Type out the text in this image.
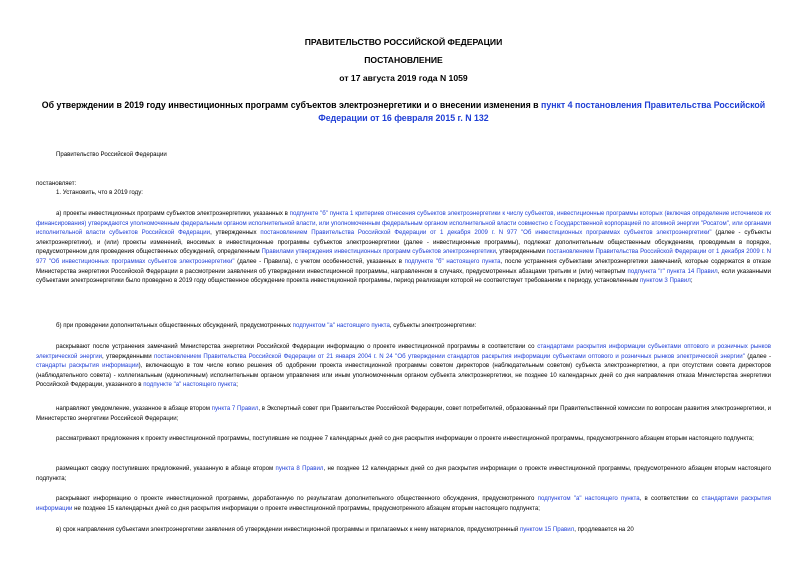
ПРАВИТЕЛЬСТВО РОССИЙСКОЙ ФЕДЕРАЦИИ
ПОСТАНОВЛЕНИЕ
от 17 августа 2019 года N 1059
Об утверждении в 2019 году инвестиционных программ субъектов электроэнергетики и о внесении изменения в пункт 4 постановления Правительства Российской Федерации от 16 февраля 2015 г. N 132
Правительство Российской Федерации
постановляет:
1. Установить, что в 2019 году:
а) проекты инвестиционных программ субъектов электроэнергетики, указанных в подпункте "б" пункта 1 критериев отнесения субъектов электроэнергетики к числу субъектов, инвестиционные программы которых (включая определение источников их финансирования) утверждаются уполномоченным федеральным органом исполнительной власти, или уполномоченным федеральным органом исполнительной власти совместно с Государственной корпорацией по атомной энергии "Росатом", или органами исполнительной власти субъектов Российской Федерации, утвержденных постановлением Правительства Российской Федерации от 1 декабря 2009 г. N 977 "Об инвестиционных программах субъектов электроэнергетики" (далее - субъекты электроэнергетики), и (или) проекты изменений, вносимых в инвестиционные программы субъектов электроэнергетики (далее - инвестиционные программы), подлежат дополнительным общественным обсуждениям, проводимым в порядке, предусмотренном для проведения общественных обсуждений, определенным Правилами утверждения инвестиционных программ субъектов электроэнергетики, утвержденными постановлением Правительства Российской Федерации от 1 декабря 2009 г. N 977 "Об инвестиционных программах субъектов электроэнергетики" (далее - Правила), с учетом особенностей, указанных в подпункте "б" настоящего пункта, после устранения субъектами электроэнергетики замечаний, которые содержатся в отказе Министерства энергетики Российской Федерации в рассмотрении заявления об утверждении инвестиционной программы, направленном в случаях, предусмотренных абзацами третьим и (или) четвертым подпункта "г" пункта 14 Правил, если указанными субъектами электроэнергетики было проведено в 2019 году общественное обсуждение проекта инвестиционной программы, период реализации которой не соответствует требованиям к периоду, установленным пунктом 3 Правил;
б) при проведении дополнительных общественных обсуждений, предусмотренных подпунктом "а" настоящего пункта, субъекты электроэнергетики:
раскрывают после устранения замечаний Министерства энергетики Российской Федерации информацию о проекте инвестиционной программы в соответствии со стандартами раскрытия информации субъектами оптового и розничных рынков электрической энергии, утвержденными постановлением Правительства Российской Федерации от 21 января 2004 г. N 24 "Об утверждении стандартов раскрытия информации субъектами оптового и розничных рынков электрической энергии" (далее - стандарты раскрытия информации), включающую в том числе копию решения об одобрении проекта инвестиционной программы советом директоров (наблюдательным советом) субъекта электроэнергетики, а при отсутствии совета директоров (наблюдательного совета) - коллегиальным (единоличным) исполнительным органом управления или иным уполномоченным органом субъекта электроэнергетики, не позднее 10 календарных дней со дня направления отказа Министерства энергетики Российской Федерации, указанного в подпункте "а" настоящего пункта;
направляют уведомление, указанное в абзаце втором пункта 7 Правил, в Экспертный совет при Правительстве Российской Федерации, совет потребителей, образованный при Правительственной комиссии по вопросам развития электроэнергетики, и Министерство энергетики Российской Федерации;
рассматривают предложения к проекту инвестиционной программы, поступившие не позднее 7 календарных дней со дня раскрытия информации о проекте инвестиционной программы, предусмотренного абзацем вторым настоящего подпункта;
размещают сводку поступивших предложений, указанную в абзаце втором пункта 8 Правил, не позднее 12 календарных дней со дня раскрытия информации о проекте инвестиционной программы, предусмотренного абзацем вторым настоящего подпункта;
раскрывают информацию о проекте инвестиционной программы, доработанную по результатам дополнительного общественного обсуждения, предусмотренного подпунктом "а" настоящего пункта, в соответствии со стандартами раскрытия информации не позднее 15 календарных дней со дня раскрытия информации о проекте инвестиционной программы, предусмотренного абзацем вторым настоящего подпункта;
в) срок направления субъектами электроэнергетики заявления об утверждении инвестиционной программы и прилагаемых к нему материалов, предусмотренный пунктом 15 Правил, продлевается на 20
